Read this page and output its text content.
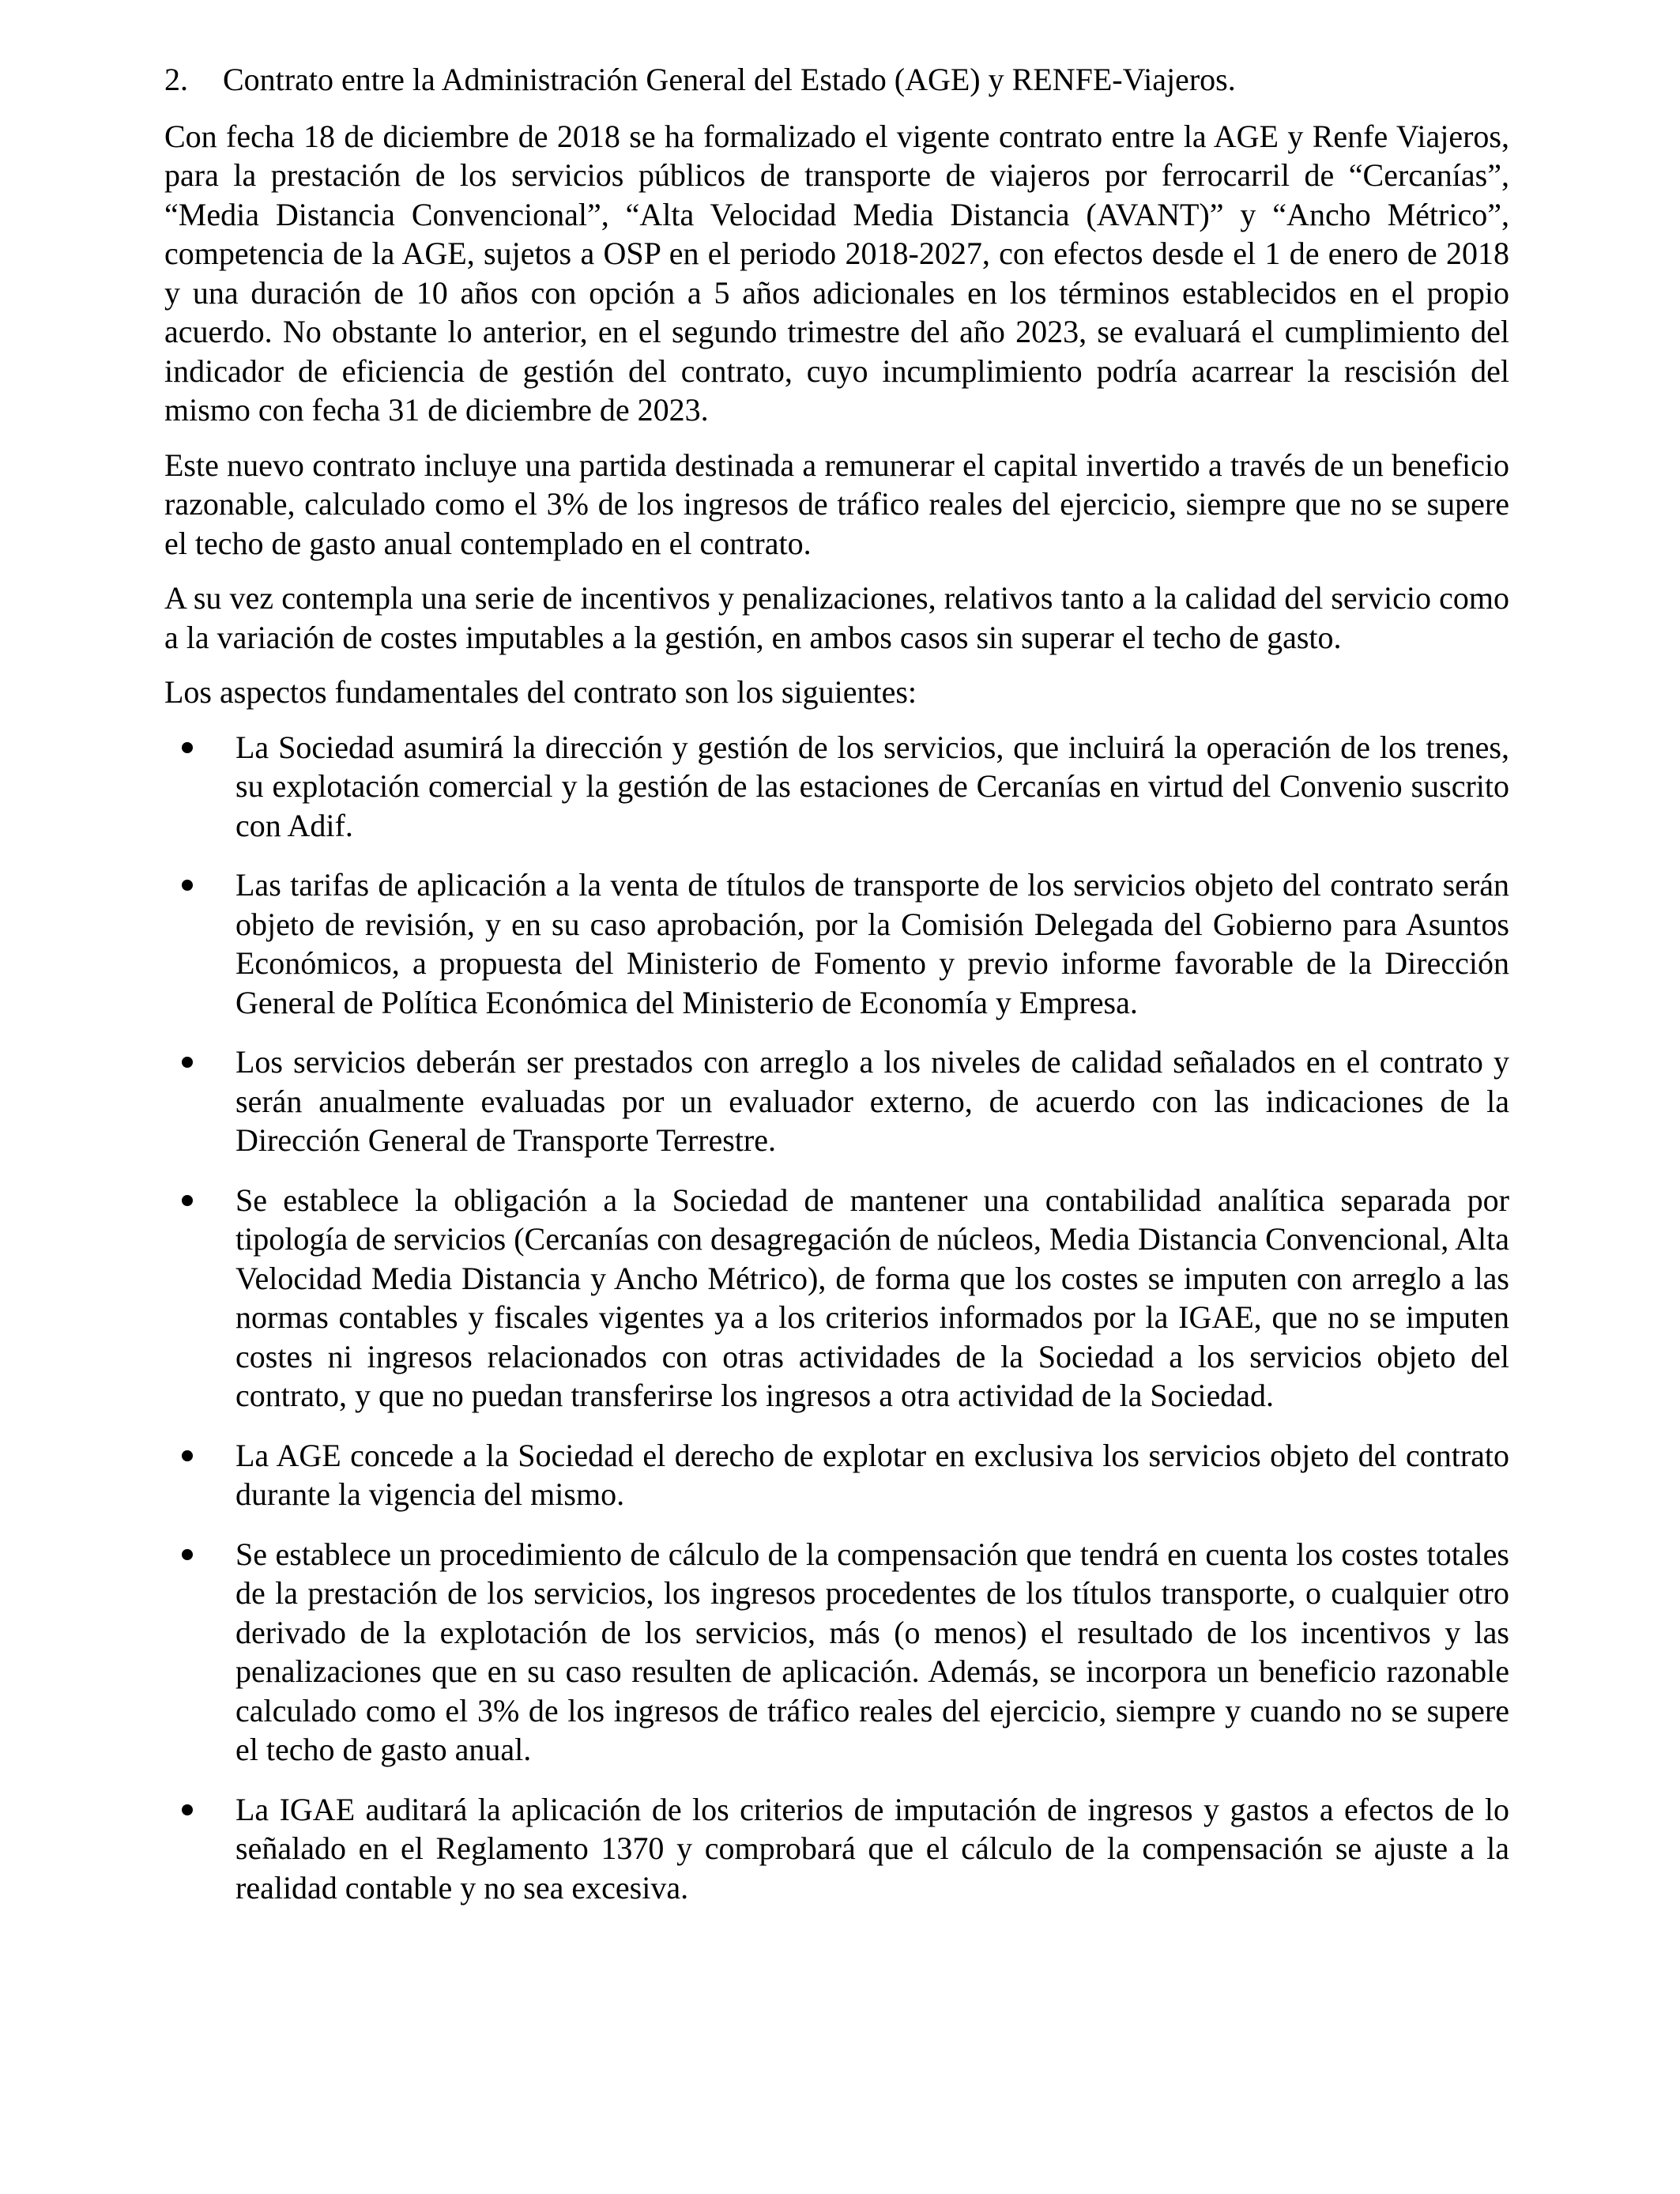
2.	Contrato entre la Administración General del Estado (AGE) y RENFE-Viajeros.

Con fecha 18 de diciembre de 2018 se ha formalizado el vigente contrato entre la AGE y Renfe Viajeros, para la prestación de los servicios públicos de transporte de viajeros por ferrocarril de “Cercanías”, “Media Distancia Convencional”, “Alta Velocidad Media Distancia (AVANT)” y “Ancho Métrico”, competencia de la AGE, sujetos a OSP en el periodo 2018-2027, con efectos desde el 1 de enero de 2018 y una duración de 10 años con opción a 5 años adicionales en los términos establecidos en el propio acuerdo. No obstante lo anterior, en el segundo trimestre del año 2023, se evaluará el cumplimiento del indicador de eficiencia de gestión del contrato, cuyo incumplimiento podría acarrear la rescisión del mismo con fecha 31 de diciembre de 2023.

Este nuevo contrato incluye una partida destinada a remunerar el capital invertido a través de un beneficio razonable, calculado como el 3% de los ingresos de tráfico reales del ejercicio, siempre que no se supere el techo de gasto anual contemplado en el contrato.

A su vez contempla una serie de incentivos y penalizaciones, relativos tanto a la calidad del servicio como a la variación de costes imputables a la gestión, en ambos casos sin superar el techo de gasto.

Los aspectos fundamentales del contrato son los siguientes:

La Sociedad asumirá la dirección y gestión de los servicios, que incluirá la operación de los trenes, su explotación comercial y la gestión de las estaciones de Cercanías en virtud del Convenio suscrito con Adif.
Las tarifas de aplicación a la venta de títulos de transporte de los servicios objeto del contrato serán objeto de revisión, y en su caso aprobación, por la Comisión Delegada del Gobierno para Asuntos Económicos, a propuesta del Ministerio de Fomento y previo informe favorable de la Dirección General de Política Económica del Ministerio de Economía y Empresa.
Los servicios deberán ser prestados con arreglo a los niveles de calidad señalados en el contrato y serán anualmente evaluadas por un evaluador externo, de acuerdo con las indicaciones de la Dirección General de Transporte Terrestre.
Se establece la obligación a la Sociedad de mantener una contabilidad analítica separada por tipología de servicios (Cercanías con desagregación de núcleos, Media Distancia Convencional, Alta Velocidad Media Distancia y Ancho Métrico), de forma que los costes se imputen con arreglo a las normas contables y fiscales vigentes ya a los criterios informados por la IGAE, que no se imputen costes ni ingresos relacionados con otras actividades de la Sociedad a los servicios objeto del contrato, y que no puedan transferirse los ingresos a otra actividad de la Sociedad.
La AGE concede a la Sociedad el derecho de explotar en exclusiva los servicios objeto del contrato durante la vigencia del mismo.
Se establece un procedimiento de cálculo de la compensación que tendrá en cuenta los costes totales de la prestación de los servicios, los ingresos procedentes de los títulos transporte, o cualquier otro derivado de la explotación de los servicios, más (o menos) el resultado de los incentivos y las penalizaciones que en su caso resulten de aplicación. Además, se incorpora un beneficio razonable calculado como el 3% de los ingresos de tráfico reales del ejercicio, siempre y cuando no se supere el techo de gasto anual.
La IGAE auditará la aplicación de los criterios de imputación de ingresos y gastos a efectos de lo señalado en el Reglamento 1370 y comprobará que el cálculo de la compensación se ajuste a la realidad contable y no sea excesiva.
